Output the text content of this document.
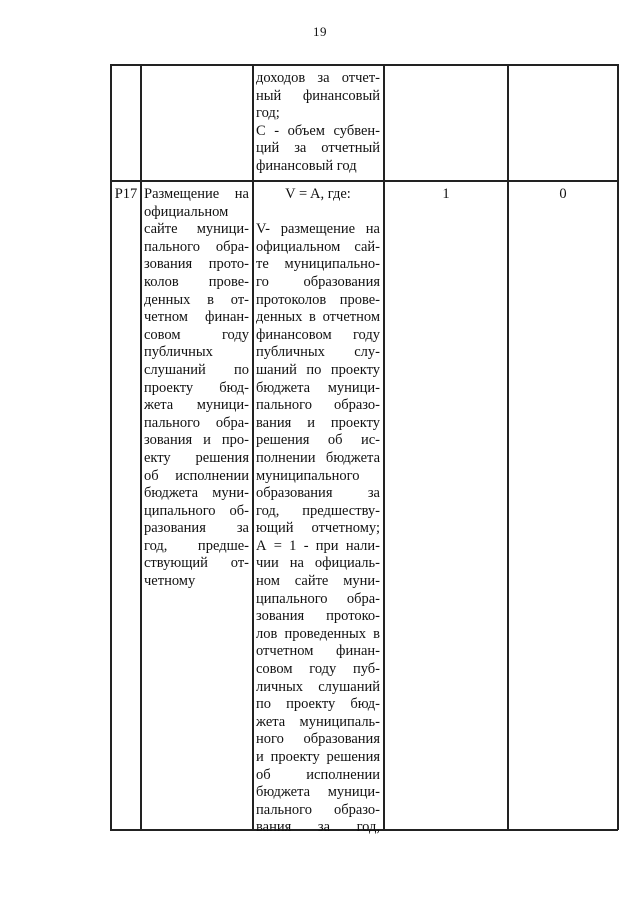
19
доходов за отчет-
ный финансовый
год;
С - объем субвен-
ций за отчетный
финансовый год
Р17 Размещение на
официальном
сайте муници-
пального обра-
зования прото-
колов прове-
денных в от-
четном финан-
совом году
публичных
слушаний по
проекту бюд-
жета муници-
пального обра-
зования и про-
екту решения
об исполнении
бюджета муни-
ципального об-
разования за
год, предше-
ствующий от-
четному
V = A, где:
V- размещение на
официальном сай-
те муниципально-
го образования
протоколов прове-
денных в отчетном
финансовом году
публичных слу-
шаний по проекту
бюджета муници-
пального образо-
вания и проекту
решения об ис-
полнении бюджета
муниципального
образования за
год, предшеству-
ющий отчетному;
А = 1 - при нали-
чии на официаль-
ном сайте муни-
ципального обра-
зования протоко-
лов проведенных в
отчетном финан-
совом году пуб-
личных слушаний
по проекту бюд-
жета муниципаль-
ного образования
и проекту решения
об исполнении
бюджета муници-
пального образо-
вания за год,
1	0
